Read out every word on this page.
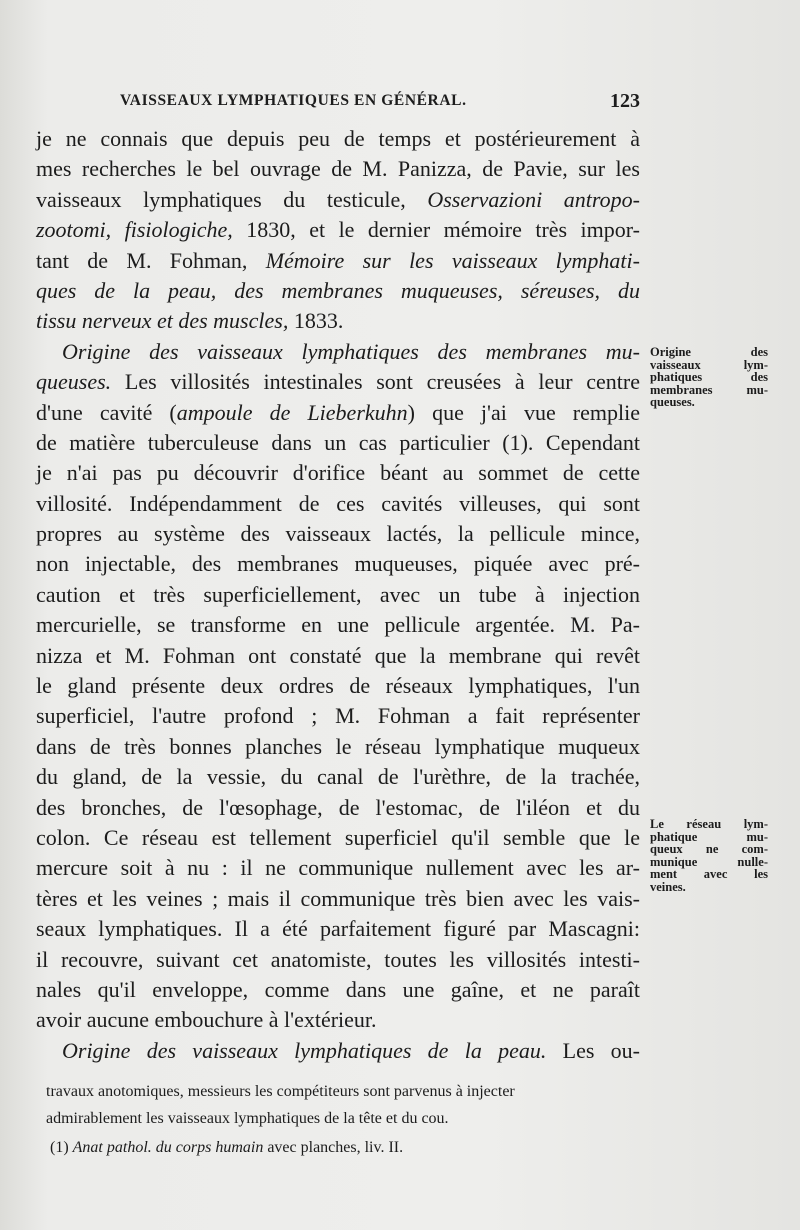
VAISSEAUX LYMPHATIQUES EN GÉNÉRAL.	123
je ne connais que depuis peu de temps et postérieurement à
mes recherches le bel ouvrage de M. Panizza, de Pavie, sur les
vaisseaux lymphatiques du testicule, Osservazioni antropo-
zootomi, fisiologiche, 1830, et le dernier mémoire très impor-
tant de M. Fohman, Mémoire sur les vaisseaux lymphati-
ques de la peau, des membranes muqueuses, séreuses, du
tissu nerveux et des muscles, 1833.
Origine des vaisseaux lymphatiques des membranes mu-
queuses. Les villosités intestinales sont creusées à leur centre
d'une cavité (ampoule de Lieberkuhn) que j'ai vue remplie
de matière tuberculeuse dans un cas particulier (1). Cependant
je n'ai pas pu découvrir d'orifice béant au sommet de cette
villosité. Indépendamment de ces cavités villeuses, qui sont
propres au système des vaisseaux lactés, la pellicule mince,
non injectable, des membranes muqueuses, piquée avec pré-
caution et très superficiellement, avec un tube à injection
mercurielle, se transforme en une pellicule argentée. M. Pa-
nizza et M. Fohman ont constaté que la membrane qui revêt
le gland présente deux ordres de réseaux lymphatiques, l'un
superficiel, l'autre profond ; M. Fohman a fait représenter
dans de très bonnes planches le réseau lymphatique muqueux
du gland, de la vessie, du canal de l'urèthre, de la trachée,
des bronches, de l'œsophage, de l'estomac, de l'iléon et du
colon. Ce réseau est tellement superficiel qu'il semble que le
mercure soit à nu : il ne communique nullement avec les ar-
tères et les veines ; mais il communique très bien avec les vais-
seaux lymphatiques. Il a été parfaitement figuré par Mascagni:
il recouvre, suivant cet anatomiste, toutes les villosités intesti-
nales qu'il enveloppe, comme dans une gaîne, et ne paraît
avoir aucune embouchure à l'extérieur.
Origine des vaisseaux lymphatiques de la peau. Les ou-
Origine des
vaisseaux lym-
phatiques des
membranes mu-
queuses.
Le réseau lym-
phatique mu-
queux ne com-
munique nulle-
ment avec les
veines.
travaux anotomiques, messieurs les compétiteurs sont parvenus à injecter
admirablement les vaisseaux lymphatiques de la tête et du cou.
(1) Anat pathol. du corps humain avec planches, liv. II.
